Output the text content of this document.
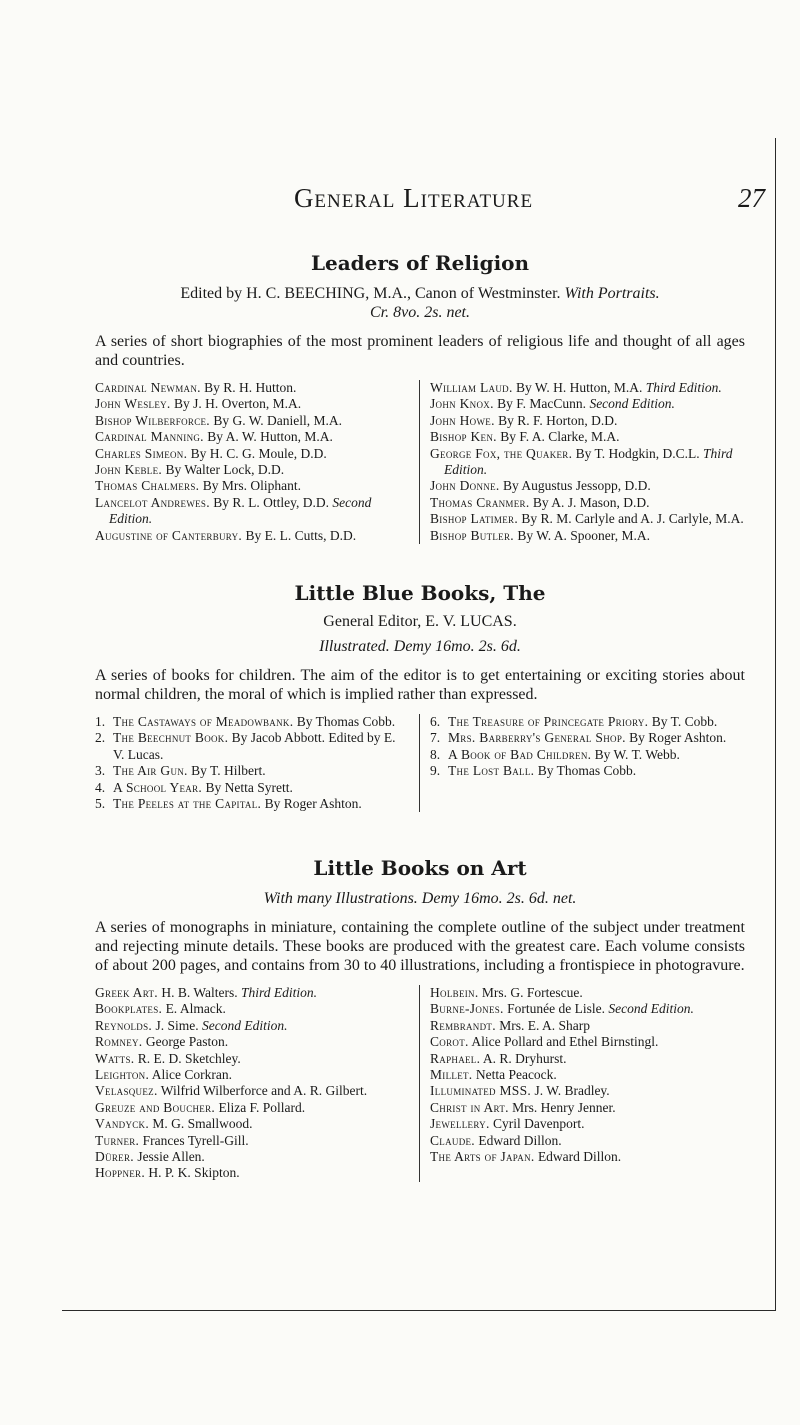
General Literature	27
Leaders of Religion
Edited by H. C. BEECHING, M.A., Canon of Westminster. With Portraits.
Cr. 8vo. 2s. net.
A series of short biographies of the most prominent leaders of religious life and thought of all ages and countries.
Cardinal Newman. By R. H. Hutton.
John Wesley. By J. H. Overton, M.A.
Bishop Wilberforce. By G. W. Daniell, M.A.
Cardinal Manning. By A. W. Hutton, M.A.
Charles Simeon. By H. C. G. Moule, D.D.
John Keble. By Walter Lock, D.D.
Thomas Chalmers. By Mrs. Oliphant.
Lancelot Andrewes. By R. L. Ottley, D.D. Second Edition.
Augustine of Canterbury. By E. L. Cutts, D.D.
William Laud. By W. H. Hutton, M.A. Third Edition.
John Knox. By F. MacCunn. Second Edition.
John Howe. By R. F. Horton, D.D.
Bishop Ken. By F. A. Clarke, M.A.
George Fox, the Quaker. By T. Hodgkin, D.C.L. Third Edition.
John Donne. By Augustus Jessopp, D.D.
Thomas Cranmer. By A. J. Mason, D.D.
Bishop Latimer. By R. M. Carlyle and A. J. Carlyle, M.A.
Bishop Butler. By W. A. Spooner, M.A.
Little Blue Books, The
General Editor, E. V. LUCAS.
Illustrated. Demy 16mo. 2s. 6d.
A series of books for children. The aim of the editor is to get entertaining or exciting stories about normal children, the moral of which is implied rather than expressed.
1. The Castaways of Meadowbank. By Thomas Cobb.
2. The Beechnut Book. By Jacob Abbott. Edited by E. V. Lucas.
3. The Air Gun. By T. Hilbert.
4. A School Year. By Netta Syrett.
5. The Peeles at the Capital. By Roger Ashton.
6. The Treasure of Princegate Priory. By T. Cobb.
7. Mrs. Barberry's General Shop. By Roger Ashton.
8. A Book of Bad Children. By W. T. Webb.
9. The Lost Ball. By Thomas Cobb.
Little Books on Art
With many Illustrations. Demy 16mo. 2s. 6d. net.
A series of monographs in miniature, containing the complete outline of the subject under treatment and rejecting minute details. These books are produced with the greatest care. Each volume consists of about 200 pages, and contains from 30 to 40 illustrations, including a frontispiece in photogravure.
Greek Art. H. B. Walters. Third Edition.
Bookplates. E. Almack.
Reynolds. J. Sime. Second Edition.
Romney. George Paston.
Watts. R. E. D. Sketchley.
Leighton. Alice Corkran.
Velasquez. Wilfrid Wilberforce and A. R. Gilbert.
Greuze and Boucher. Eliza F. Pollard.
Vandyck. M. G. Smallwood.
Turner. Frances Tyrell-Gill.
Dürer. Jessie Allen.
Hoppner. H. P. K. Skipton.
Holbein. Mrs. G. Fortescue.
Burne-Jones. Fortunée de Lisle. Second Edition.
Rembrandt. Mrs. E. A. Sharp
Corot. Alice Pollard and Ethel Birnstingl.
Raphael. A. R. Dryhurst.
Millet. Netta Peacock.
Illuminated MSS. J. W. Bradley.
Christ in Art. Mrs. Henry Jenner.
Jewellery. Cyril Davenport.
Claude. Edward Dillon.
The Arts of Japan. Edward Dillon.
